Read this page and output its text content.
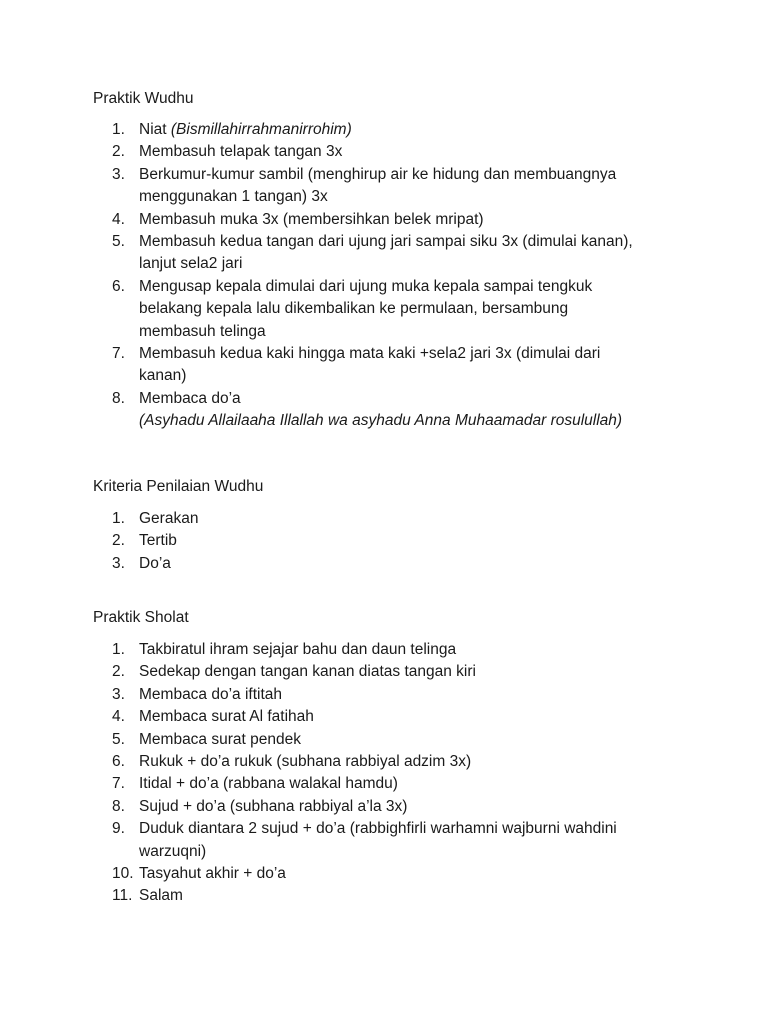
Praktik Wudhu
1. Niat (Bismillahirrahmanirrohim)
2. Membasuh telapak tangan 3x
3. Berkumur-kumur sambil (menghirup air ke hidung dan membuangnya
menggunakan 1 tangan) 3x
4. Membasuh muka 3x (membersihkan belek mripat)
5. Membasuh kedua tangan dari ujung jari sampai siku 3x (dimulai kanan),
lanjut sela2 jari
6. Mengusap kepala dimulai dari ujung muka kepala sampai tengkuk
belakang kepala lalu dikembalikan ke permulaan, bersambung
membasuh telinga
7. Membasuh kedua kaki hingga mata kaki +sela2 jari 3x (dimulai dari
kanan)
8. Membaca do’a
(Asyhadu Allailaaha Illallah wa asyhadu Anna Muhaamadar rosulullah)
Kriteria Penilaian Wudhu
1. Gerakan
2. Tertib
3. Do’a
Praktik Sholat
1. Takbiratul ihram sejajar bahu dan daun telinga
2. Sedekap dengan tangan kanan diatas tangan kiri
3. Membaca do’a iftitah
4. Membaca surat Al fatihah
5. Membaca surat pendek
6. Rukuk + do’a rukuk (subhana rabbiyal adzim 3x)
7. Itidal + do’a (rabbana walakal hamdu)
8. Sujud + do’a (subhana rabbiyal a’la 3x)
9. Duduk diantara 2 sujud + do’a (rabbighfirli warhamni wajburni wahdini
warzuqni)
10. Tasyahut akhir + do’a
11. Salam
